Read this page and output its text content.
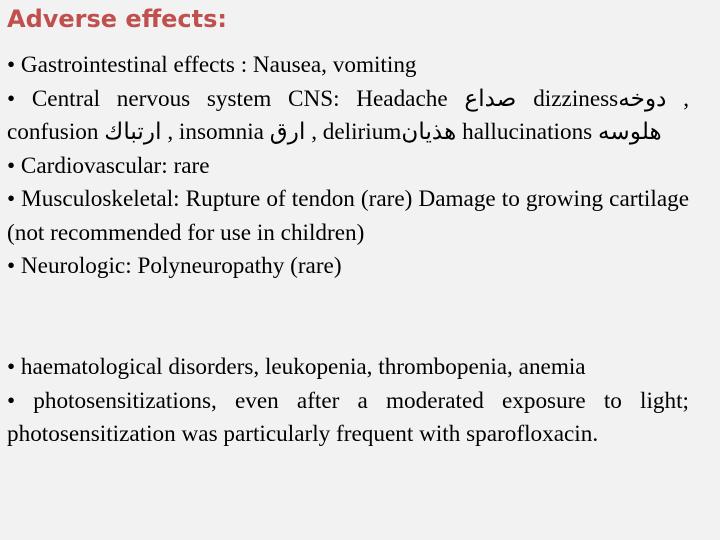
Adverse effects:

• Gastrointestinal effects : Nausea, vomiting

• Central nervous system CNS: Headache صداع dizzinessدوخه , confusion ارتباك , insomnia ارق , deliriumهذيان hallucinations هلوسه

• Cardiovascular: rare

• Musculoskeletal: Rupture of tendon (rare) Damage to growing cartilage (not recommended for use in children)

• Neurologic: Polyneuropathy (rare)

• haematological disorders, leukopenia, thrombopenia, anemia

• photosensitizations, even after a moderated exposure to light; photosensitization was particularly frequent with sparofloxacin.
